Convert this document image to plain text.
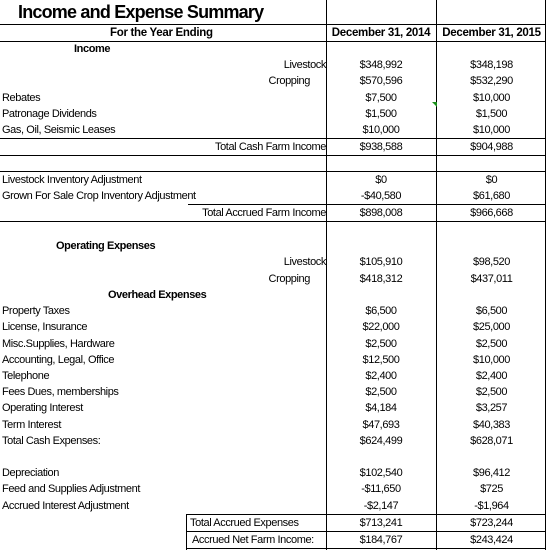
Income and Expense Summary
For the Year Ending	December 31, 2014	December 31, 2015
Income
Livestock	$348,992	$348,198
Cropping	$570,596	$532,290
Rebates	$7,500	$10,000
Patronage Dividends	$1,500	$1,500
Gas, Oil, Seismic Leases	$10,000	$10,000
Total Cash Farm Income	$938,588	$904,988
Livestock Inventory Adjustment	$0	$0
Grown For Sale Crop Inventory Adjustment	-$40,580	$61,680
Total Accrued Farm Income	$898,008	$966,668
Operating Expenses
Livestock	$105,910	$98,520
Cropping	$418,312	$437,011
Overhead Expenses
Property Taxes	$6,500	$6,500
License, Insurance	$22,000	$25,000
Misc.Supplies, Hardware	$2,500	$2,500
Accounting, Legal, Office	$12,500	$10,000
Telephone	$2,400	$2,400
Fees Dues, memberships	$2,500	$2,500
Operating Interest	$4,184	$3,257
Term Interest	$47,693	$40,383
Total Cash Expenses:	$624,499	$628,071
Depreciation	$102,540	$96,412
Feed and Supplies Adjustment	-$11,650	$725
Accrued Interest Adjustment	-$2,147	-$1,964
Total Accrued Expenses	$713,241	$723,244
Accrued Net Farm Income:	$184,767	$243,424
